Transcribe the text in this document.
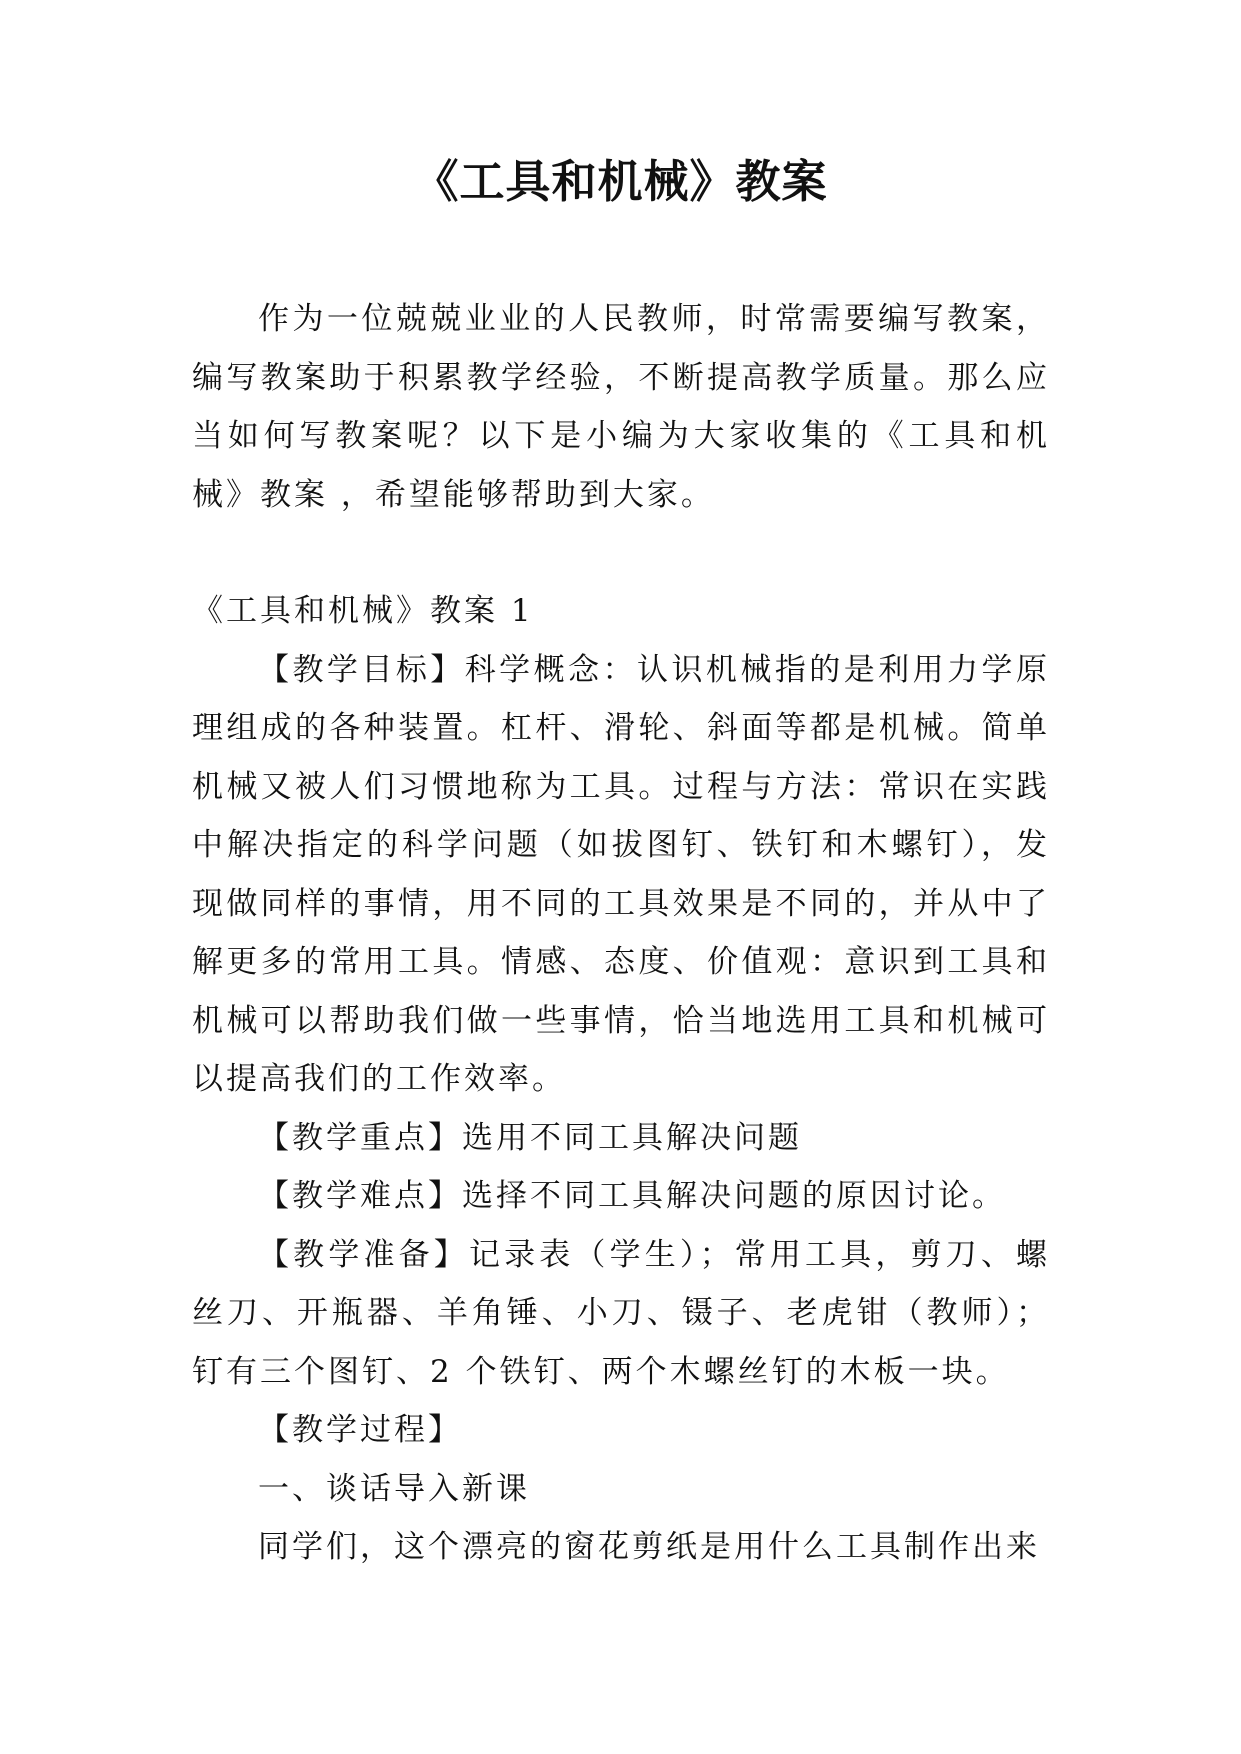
《工具和机械》教案

作为一位兢兢业业的人民教师，时常需要编写教案，编写教案助于积累教学经验，不断提高教学质量。那么应当如何写教案呢？以下是小编为大家收集的《工具和机械》教案 ，希望能够帮助到大家。

《工具和机械》教案 1

【教学目标】科学概念：认识机械指的是利用力学原理组成的各种装置。杠杆、滑轮、斜面等都是机械。简单机械又被人们习惯地称为工具。过程与方法：常识在实践中解决指定的科学问题（如拔图钉、铁钉和木螺钉），发现做同样的事情，用不同的工具效果是不同的，并从中了解更多的常用工具。情感、态度、价值观：意识到工具和机械可以帮助我们做一些事情，恰当地选用工具和机械可以提高我们的工作效率。

【教学重点】选用不同工具解决问题

【教学难点】选择不同工具解决问题的原因讨论。

【教学准备】记录表（学生）；常用工具，剪刀、螺丝刀、开瓶器、羊角锤、小刀、镊子、老虎钳（教师）；钉有三个图钉、2 个铁钉、两个木螺丝钉的木板一块。

【教学过程】

一、谈话导入新课

同学们，这个漂亮的窗花剪纸是用什么工具制作出来
